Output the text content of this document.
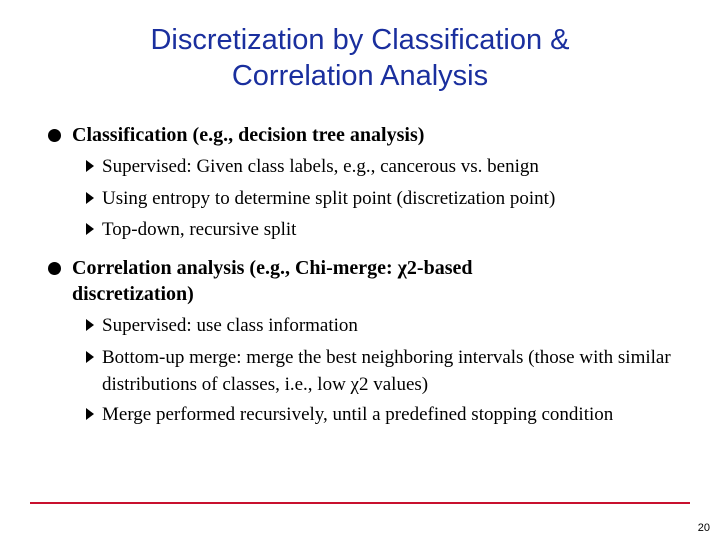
Discretization by Classification &
Correlation Analysis
Classification (e.g., decision tree analysis)
Supervised: Given class labels, e.g., cancerous vs. benign
Using entropy to determine split point (discretization point)
Top-down, recursive split
Correlation analysis (e.g., Chi-merge: χ2-based discretization)
Supervised: use class information
Bottom-up merge: merge the best neighboring intervals (those with similar distributions of classes, i.e., low χ2 values)
Merge performed recursively, until a predefined stopping condition
20
